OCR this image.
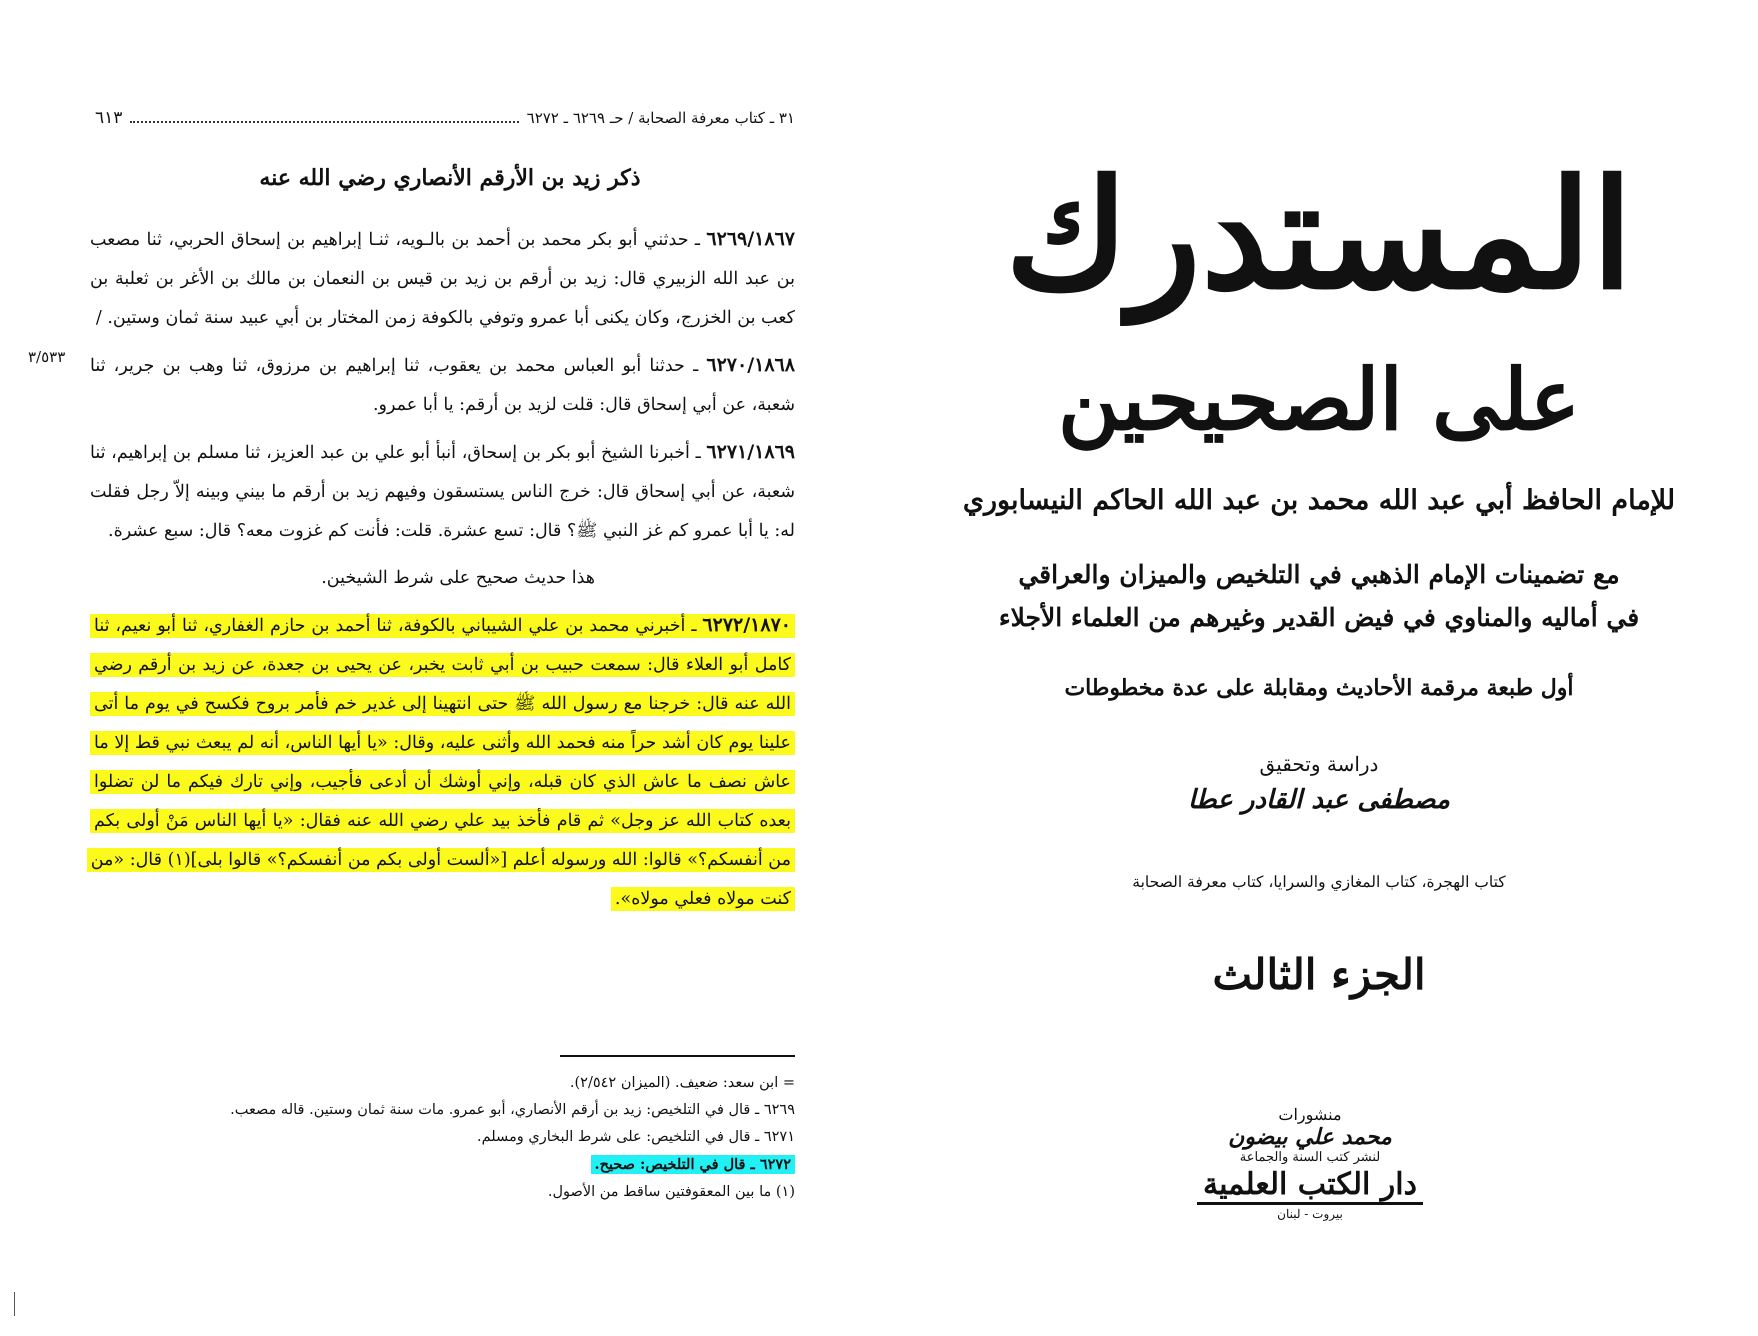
٣١ ـ كتاب معرفة الصحابة / حـ ٦٢٦٩ ـ ٦٢٧٢
٦١٣
ذكر زيد بن الأرقم الأنصاري رضي الله عنه
٣/٥٣٣

٦٢٦٩/١٨٦٧ ـ حدثني أبو بكر محمد بن أحمد بن بالـويه، ثنـا إبراهيم بن إسحاق الحربي، ثنا مصعب بن عبد الله الزبيري قال: زيد بن أرقم بن زيد بن قيس بن النعمان بن مالك بن الأغر بن ثعلبة بن كعب بن الخزرج، وكان يكنى أبا عمرو وتوفي بالكوفة زمن المختار بن أبي عبيد سنة ثمان وستين. /

٦٢٧٠/١٨٦٨ ـ حدثنا أبو العباس محمد بن يعقوب، ثنا إبراهيم بن مرزوق، ثنا وهب بن جرير، ثنا شعبة، عن أبي إسحاق قال: قلت لزيد بن أرقم: يا أبا عمرو.

٦٢٧١/١٨٦٩ ـ أخبرنا الشيخ أبو بكر بن إسحاق، أنبأ أبو علي بن عبد العزيز، ثنا مسلم بن إبراهيم، ثنا شعبة، عن أبي إسحاق قال: خرج الناس يستسقون وفيهم زيد بن أرقم ما بيني وبينه إلاّ رجل فقلت له: يا أبا عمرو كم غز النبي ﷺ؟ قال: تسع عشرة. قلت: فأنت كم غزوت معه؟ قال: سبع عشرة.

هذا حديث صحيح على شرط الشيخين.

٦٢٧٢/١٨٧٠ ـ أخبرني محمد بن علي الشيباني بالكوفة، ثنا أحمد بن حازم الغفاري، ثنا أبو نعيم، ثنا كامل أبو العلاء قال: سمعت حبيب بن أبي ثابت يخبر، عن يحيى بن جعدة، عن زيد بن أرقم رضي الله عنه قال: خرجنا مع رسول الله ﷺ حتى انتهينا إلى غدير خم فأمر بروح فكسح في يوم ما أتى علينا يوم كان أشد حراً منه فحمد الله وأثنى عليه، وقال: «يا أيها الناس، أنه لم يبعث نبي قط إلا ما عاش نصف ما عاش الذي كان قبله، وإني أوشك أن أدعى فأجيب، وإني تارك فيكم ما لن تضلوا بعده كتاب الله عز وجل» ثم قام فأخذ بيد علي رضي الله عنه فقال: «يا أيها الناس مَنْ أولى بكم من أنفسكم؟» قالوا: الله ورسوله أعلم [«ألست أولى بكم من أنفسكم؟» قالوا بلى](١) قال: «من كنت مولاه فعلي مولاه».

= ابن سعد: ضعيف. (الميزان ٢/٥٤٢).
٦٢٦٩ ـ قال في التلخيص: زيد بن أرقم الأنصاري، أبو عمرو. مات سنة ثمان وستين. قاله مصعب.
٦٢٧١ ـ قال في التلخيص: على شرط البخاري ومسلم.
٦٢٧٢ ـ قال في التلخيص: صحيح.
(١) ما بين المعقوفتين ساقط من الأصول.
المستدرك
على الصحيحين
للإمام الحافظ أبي عبد الله محمد بن عبد الله الحاكم النيسابوري
مع تضمينات الإمام الذهبي في التلخيص والميزان والعراقي
في أماليه والمناوي في فيض القدير وغيرهم من العلماء الأجلاء
أول طبعة مرقمة الأحاديث ومقابلة على عدة مخطوطات
دراسة وتحقيق
مصطفى عبد القادر عطا
كتاب الهجرة، كتاب المغازي والسرايا، كتاب معرفة الصحابة
الجزء الثالث
منشورات
محمد علي بيضون
لنشر كتب السنة والجماعة
دار الكتب العلمية
بيروت - لبنان
